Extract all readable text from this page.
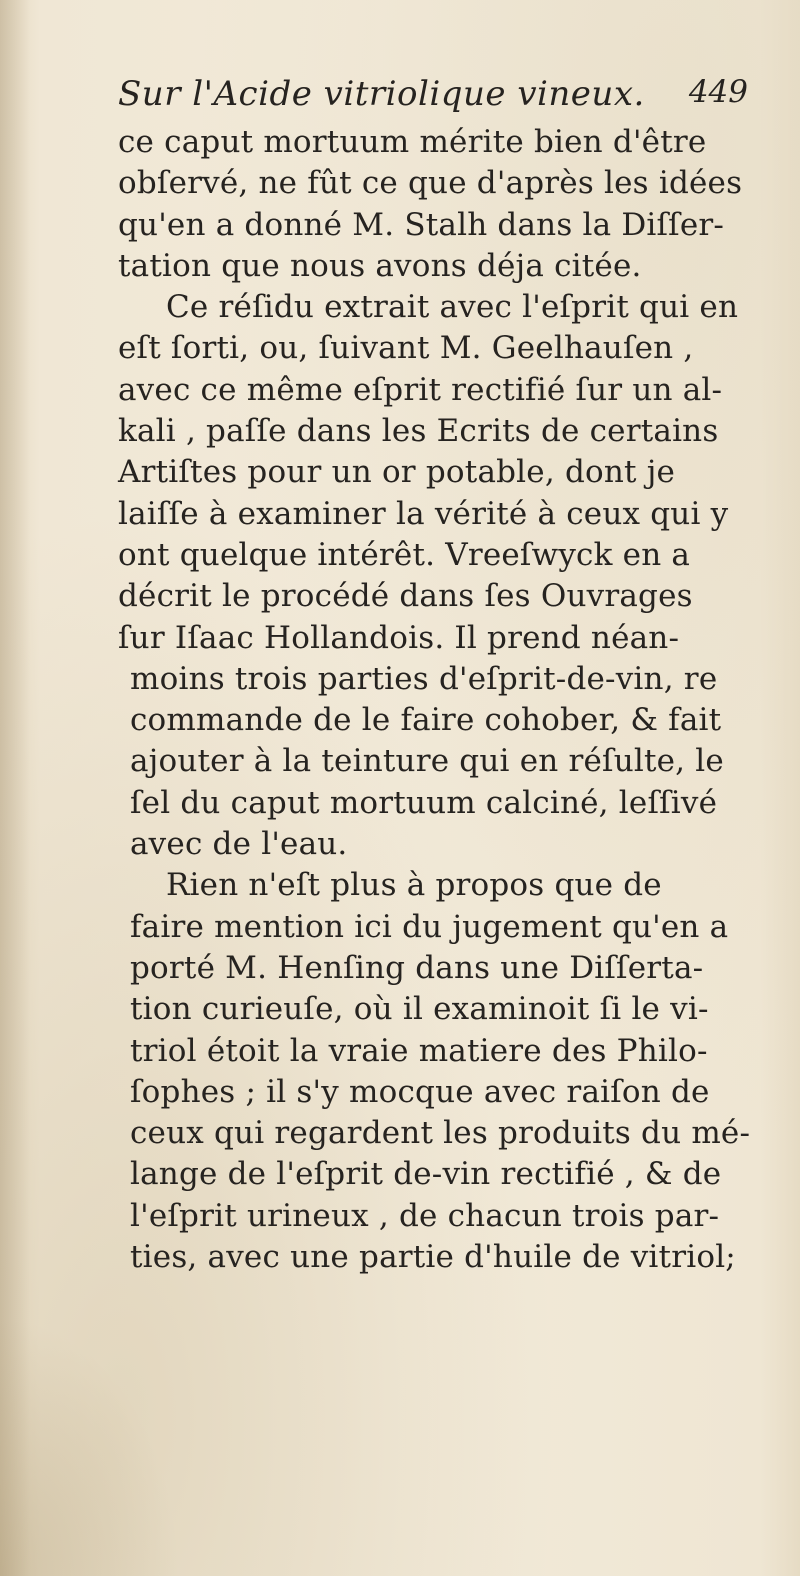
Sur l'Acide vitriolique vineux. 449
ce caput mortuum mérite bien d'être
obſervé, ne fût ce que d'après les idées
qu'en a donné M. Stalh dans la Diſſer-
tation que nous avons déja citée.
Ce réſidu extrait avec l'eſprit qui en
eſt ſorti, ou, ſuivant M. Geelhauſen ,
avec ce même eſprit rectifié ſur un al-
kali , paſſe dans les Ecrits de certains
Artiſtes pour un or potable, dont je
laiſſe à examiner la vérité à ceux qui y
ont quelque intérêt. Vreeſwyck en a
décrit le procédé dans ſes Ouvrages
ſur Iſaac Hollandois. Il prend néan-
moins trois parties d'eſprit-de-vin, re
commande de le faire cohober, & fait
ajouter à la teinture qui en réſulte, le
ſel du caput mortuum calciné, leſſivé
avec de l'eau.
Rien n'eſt plus à propos que de
faire mention ici du jugement qu'en a
porté M. Henſing dans une Diſſerta-
tion curieuſe, où il examinoit ſi le vi-
triol étoit la vraie matiere des Philo-
ſophes ; il s'y mocque avec raiſon de
ceux qui regardent les produits du mé-
lange de l'eſprit de-vin rectifié , & de
l'eſprit urineux , de chacun trois par-
ties, avec une partie d'huile de vitriol;
